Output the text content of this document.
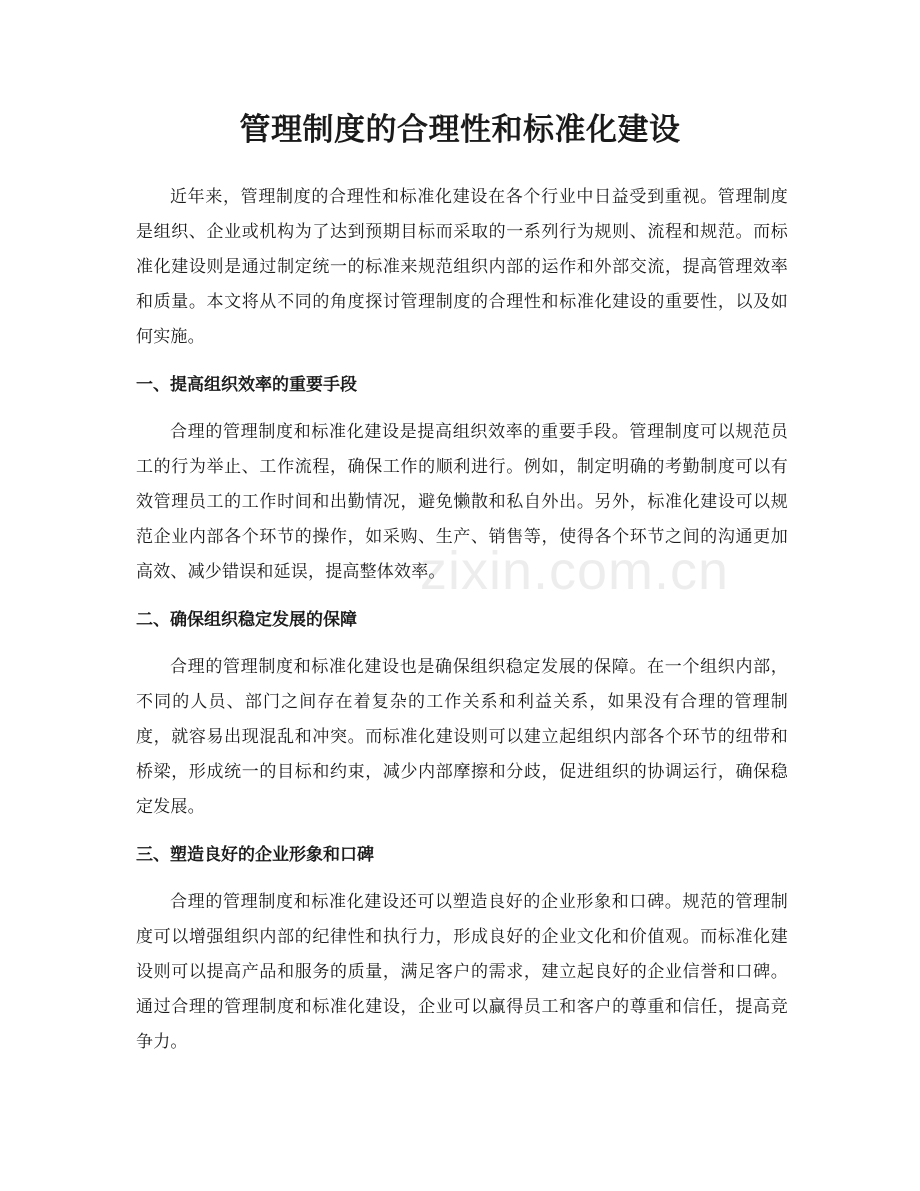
管理制度的合理性和标准化建设

近年来，管理制度的合理性和标准化建设在各个行业中日益受到重视。管理制度是组织、企业或机构为了达到预期目标而采取的一系列行为规则、流程和规范。而标准化建设则是通过制定统一的标准来规范组织内部的运作和外部交流，提高管理效率和质量。本文将从不同的角度探讨管理制度的合理性和标准化建设的重要性，以及如何实施。

一、提高组织效率的重要手段

合理的管理制度和标准化建设是提高组织效率的重要手段。管理制度可以规范员工的行为举止、工作流程，确保工作的顺利进行。例如，制定明确的考勤制度可以有效管理员工的工作时间和出勤情况，避免懒散和私自外出。另外，标准化建设可以规范企业内部各个环节的操作，如采购、生产、销售等，使得各个环节之间的沟通更加高效、减少错误和延误，提高整体效率。

二、确保组织稳定发展的保障

合理的管理制度和标准化建设也是确保组织稳定发展的保障。在一个组织内部，不同的人员、部门之间存在着复杂的工作关系和利益关系，如果没有合理的管理制度，就容易出现混乱和冲突。而标准化建设则可以建立起组织内部各个环节的纽带和桥梁，形成统一的目标和约束，减少内部摩擦和分歧，促进组织的协调运行，确保稳定发展。

三、塑造良好的企业形象和口碑

合理的管理制度和标准化建设还可以塑造良好的企业形象和口碑。规范的管理制度可以增强组织内部的纪律性和执行力，形成良好的企业文化和价值观。而标准化建设则可以提高产品和服务的质量，满足客户的需求，建立起良好的企业信誉和口碑。通过合理的管理制度和标准化建设，企业可以赢得员工和客户的尊重和信任，提高竞争力。

zixin.com.cn
